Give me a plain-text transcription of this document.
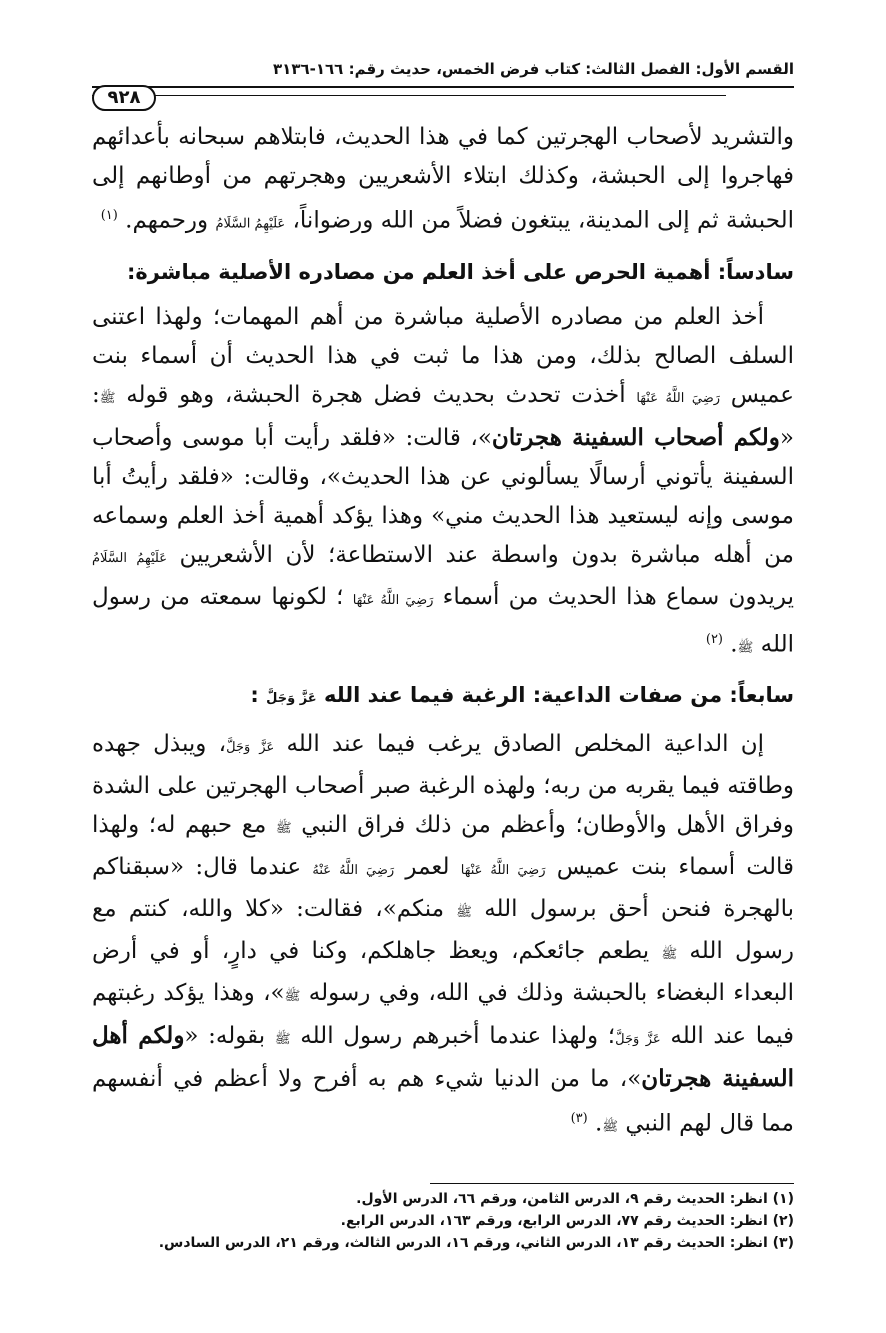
القسم الأول: الفصل الثالث: كتاب فرض الخمس، حديث رقم: ١٦٦-٣١٣٦
٩٢٨

والتشريد لأصحاب الهجرتين كما في هذا الحديث، فابتلاهم سبحانه بأعدائهم فهاجروا إلى الحبشة، وكذلك ابتلاء الأشعريين وهجرتهم من أوطانهم إلى الحبشة ثم إلى المدينة، يبتغون فضلاً من الله ورضواناً، عَلَيْهِمُ السَّلَامُ ورحمهم. $^{(١)}$

سادساً: أهمية الحرص على أخذ العلم من مصادره الأصلية مباشرة:

أخذ العلم من مصادره الأصلية مباشرة من أهم المهمات؛ ولهذا اعتنى السلف الصالح بذلك، ومن هذا ما ثبت في هذا الحديث أن أسماء بنت عميس رَضِيَ اللَّهُ عَنْهَا أخذت تحدث بحديث فضل هجرة الحبشة، وهو قوله ﷺ: «ولكم أصحاب السفينة هجرتان»، قالت: «فلقد رأيت أبا موسى وأصحاب السفينة يأتوني أرسالًا يسألوني عن هذا الحديث»، وقالت: «فلقد رأيتُ أبا موسى وإنه ليستعيد هذا الحديث مني» وهذا يؤكد أهمية أخذ العلم وسماعه من أهله مباشرة بدون واسطة عند الاستطاعة؛ لأن الأشعريين عَلَيْهِمُ السَّلَامُ يريدون سماع هذا الحديث من أسماء رَضِيَ اللَّهُ عَنْهَا ؛ لكونها سمعته من رسول الله ﷺ. $^{(٢)}$

سابعاً: من صفات الداعية: الرغبة فيما عند الله عَزَّ وَجَلَّ :

إن الداعية المخلص الصادق يرغب فيما عند الله عَزَّ وَجَلَّ، ويبذل جهده وطاقته فيما يقربه من ربه؛ ولهذه الرغبة صبر أصحاب الهجرتين على الشدة وفراق الأهل والأوطان؛ وأعظم من ذلك فراق النبي ﷺ مع حبهم له؛ ولهذا قالت أسماء بنت عميس رَضِيَ اللَّهُ عَنْهَا لعمر رَضِيَ اللَّهُ عَنْهُ عندما قال: «سبقناكم بالهجرة فنحن أحق برسول الله ﷺ منكم»، فقالت: «كلا والله، كنتم مع رسول الله ﷺ يطعم جائعكم، ويعظ جاهلكم، وكنا في دارٍ، أو في أرض البعداء البغضاء بالحبشة وذلك في الله، وفي رسوله ﷺ»، وهذا يؤكد رغبتهم فيما عند الله عَزَّ وَجَلَّ؛ ولهذا عندما أخبرهم رسول الله ﷺ بقوله: «ولكم أهل السفينة هجرتان»، ما من الدنيا شيء هم به أفرح ولا أعظم في أنفسهم مما قال لهم النبي ﷺ. $^{(٣)}$

(١) انظر: الحديث رقم ٩، الدرس الثامن، ورقم ٦٦، الدرس الأول.

(٢) انظر: الحديث رقم ٧٧، الدرس الرابع، ورقم ١٦٣، الدرس الرابع.

(٣) انظر: الحديث رقم ١٣، الدرس الثاني، ورقم ١٦، الدرس الثالث، ورقم ٢١، الدرس السادس.
